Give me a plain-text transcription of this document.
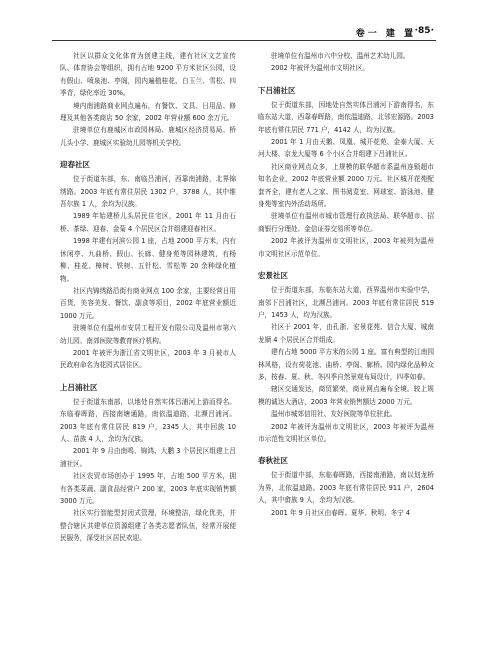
卷一 建 置
·85·

社区以群众文化体育为创建主线，建有社区文艺宣传队、体育协会等组织，拥有占地 9200 平方米社区公园，设有假山、喷泉池、亭阁，园内遍植桂花、白玉兰、雪松、四季青，绿化率近 30%。

境内南浦路商业网点遍布，有餐饮、文具、日用品、修理及其他各类商店 50 余家，2002 年营业额 600 余万元。

驻境单位有鹿城区市政园林局、鹿城区经济贸易局、桥儿头小学、鹿城区实验幼儿园等机关学校。

迎春社区

位于街道东部，东、南临吕浦河，西靠南浦路，北界锦绣路。2003 年底有常住居民 1302 户，3788 人，其中维吾尔族 1 人，余均为汉族。

1989 年始建桥儿头居民住宅区，2001 年 11 月由石桥、茶绿、迎春、金菊 4 个居民区合并组建迎春社区。

1998 年建有河滨公园 1 座，占地 2000 平方米，内有休闲亭、九曲桥、假山、长廊、健身苑等园林建筑，有杨柳、桂花、樟树、铁树、五针松、雪松等 20 余种绿化植物。

社区内锦绣路沿街有商业网点 100 余家，主要经营日用百货，美容美发、餐饮、副食等项目，2002 年底营业额近 1000 万元。

驻境单位有温州市安居工程开发有限公司及温州市第六幼儿园、南郊医院等教育医疗机构。

2001 年被评为浙江省文明社区，2003 年 3 月被市人民政府命名为花园式居住区。

上吕浦社区

位于街道东南部，以地处自然实体吕浦河上游而得名。东临春晖路，西接南塘通路，南依温迪路，北濒吕浦河。2003 年底有常住居民 819 户，2345 人，其中回族 10 人、苗族 4 人，余均为汉族。

2001 年 9 月由南鸣、锦鸿、大鹏 3 个居民区组建上吕浦社区。

社区农贸市场创办于 1995 年，占地 500 平方米，拥有各类菜蔬、副食品经营户 200 家，2003 年底实现销售额 3000 万元。

社区实行智能型封闭式管理，环境整洁，绿化优美，并整合辖区共建单位资源组建了各类志愿者队伍，经常开展便民服务，深受社区居民欢迎。

驻境单位有温州市六中分校、温州艺术幼儿园。

2002 年被评为温州市文明社区。

下吕浦社区

位于街道东部，因地处自然实体吕浦河下游南得名，东临东站大道，西靠春晖路，南依温迪路，北邻宏源路。2003 年底有常住居民 771 户，4142 人，均为汉族。

2001 年 1 月由天鹅、凤凰、城开花苑、金泰大厦、天河大楼、京龙大厦等 6 个小区合并组建下吕浦社区。

社区商业网点众多，上规模的联华超市系温州连锁超市知名企业，2002 年底营业额 2000 万元。社区城开花苑配套齐全，建有老人之家、图书阅览室、网球室、游泳池、健身苑等室内外活动场所。

驻境单位有温州市城市管理行政执法局、联华超市、招商银行分理处、金信证券交易所等单位。

2002 年被评为温州市文明社区，2003 年被列为温州市文明社区示范单位。

宏景社区

位于街道东部，东临东站大道，西界温州市实验中学，南邻下吕浦社区，北濒吕浦河。2003 年底有常住居民 519 户，1453 人，均为汉族。

社区于 2001 年，由孔浙、宏景花苑、信合大厦、城南龙顺 4 个居民区合并组成。

建有占地 5000 平方米的公园 1 座。富有典型的江南园林风格，设有荷花池、曲桥、亭阁、廊桥。园内绿化品种众多，按春、夏、秋、冬四季自然景观布局设计，四季如春。

辖区交通发达，商贸繁荣，商业网点遍布全境。较上规模的诚达大酒店，2003 年营业销售额达 2000 万元。

温州市城郊信用社、友好医院等单位驻此。

2002 年被评为温州市文明社区，2003 年被评为温州市示范性文明社区单位。

春秋社区

位于街道中部，东临春晖路，西接南浦路，南以划龙桥为界，北依温迪路。2003 年底有常住居民 911 户，2604 人，其中畲族 9 人，余均为汉族。

2001 年 9 月社区由春晖、夏华、秋明、冬宁 4
